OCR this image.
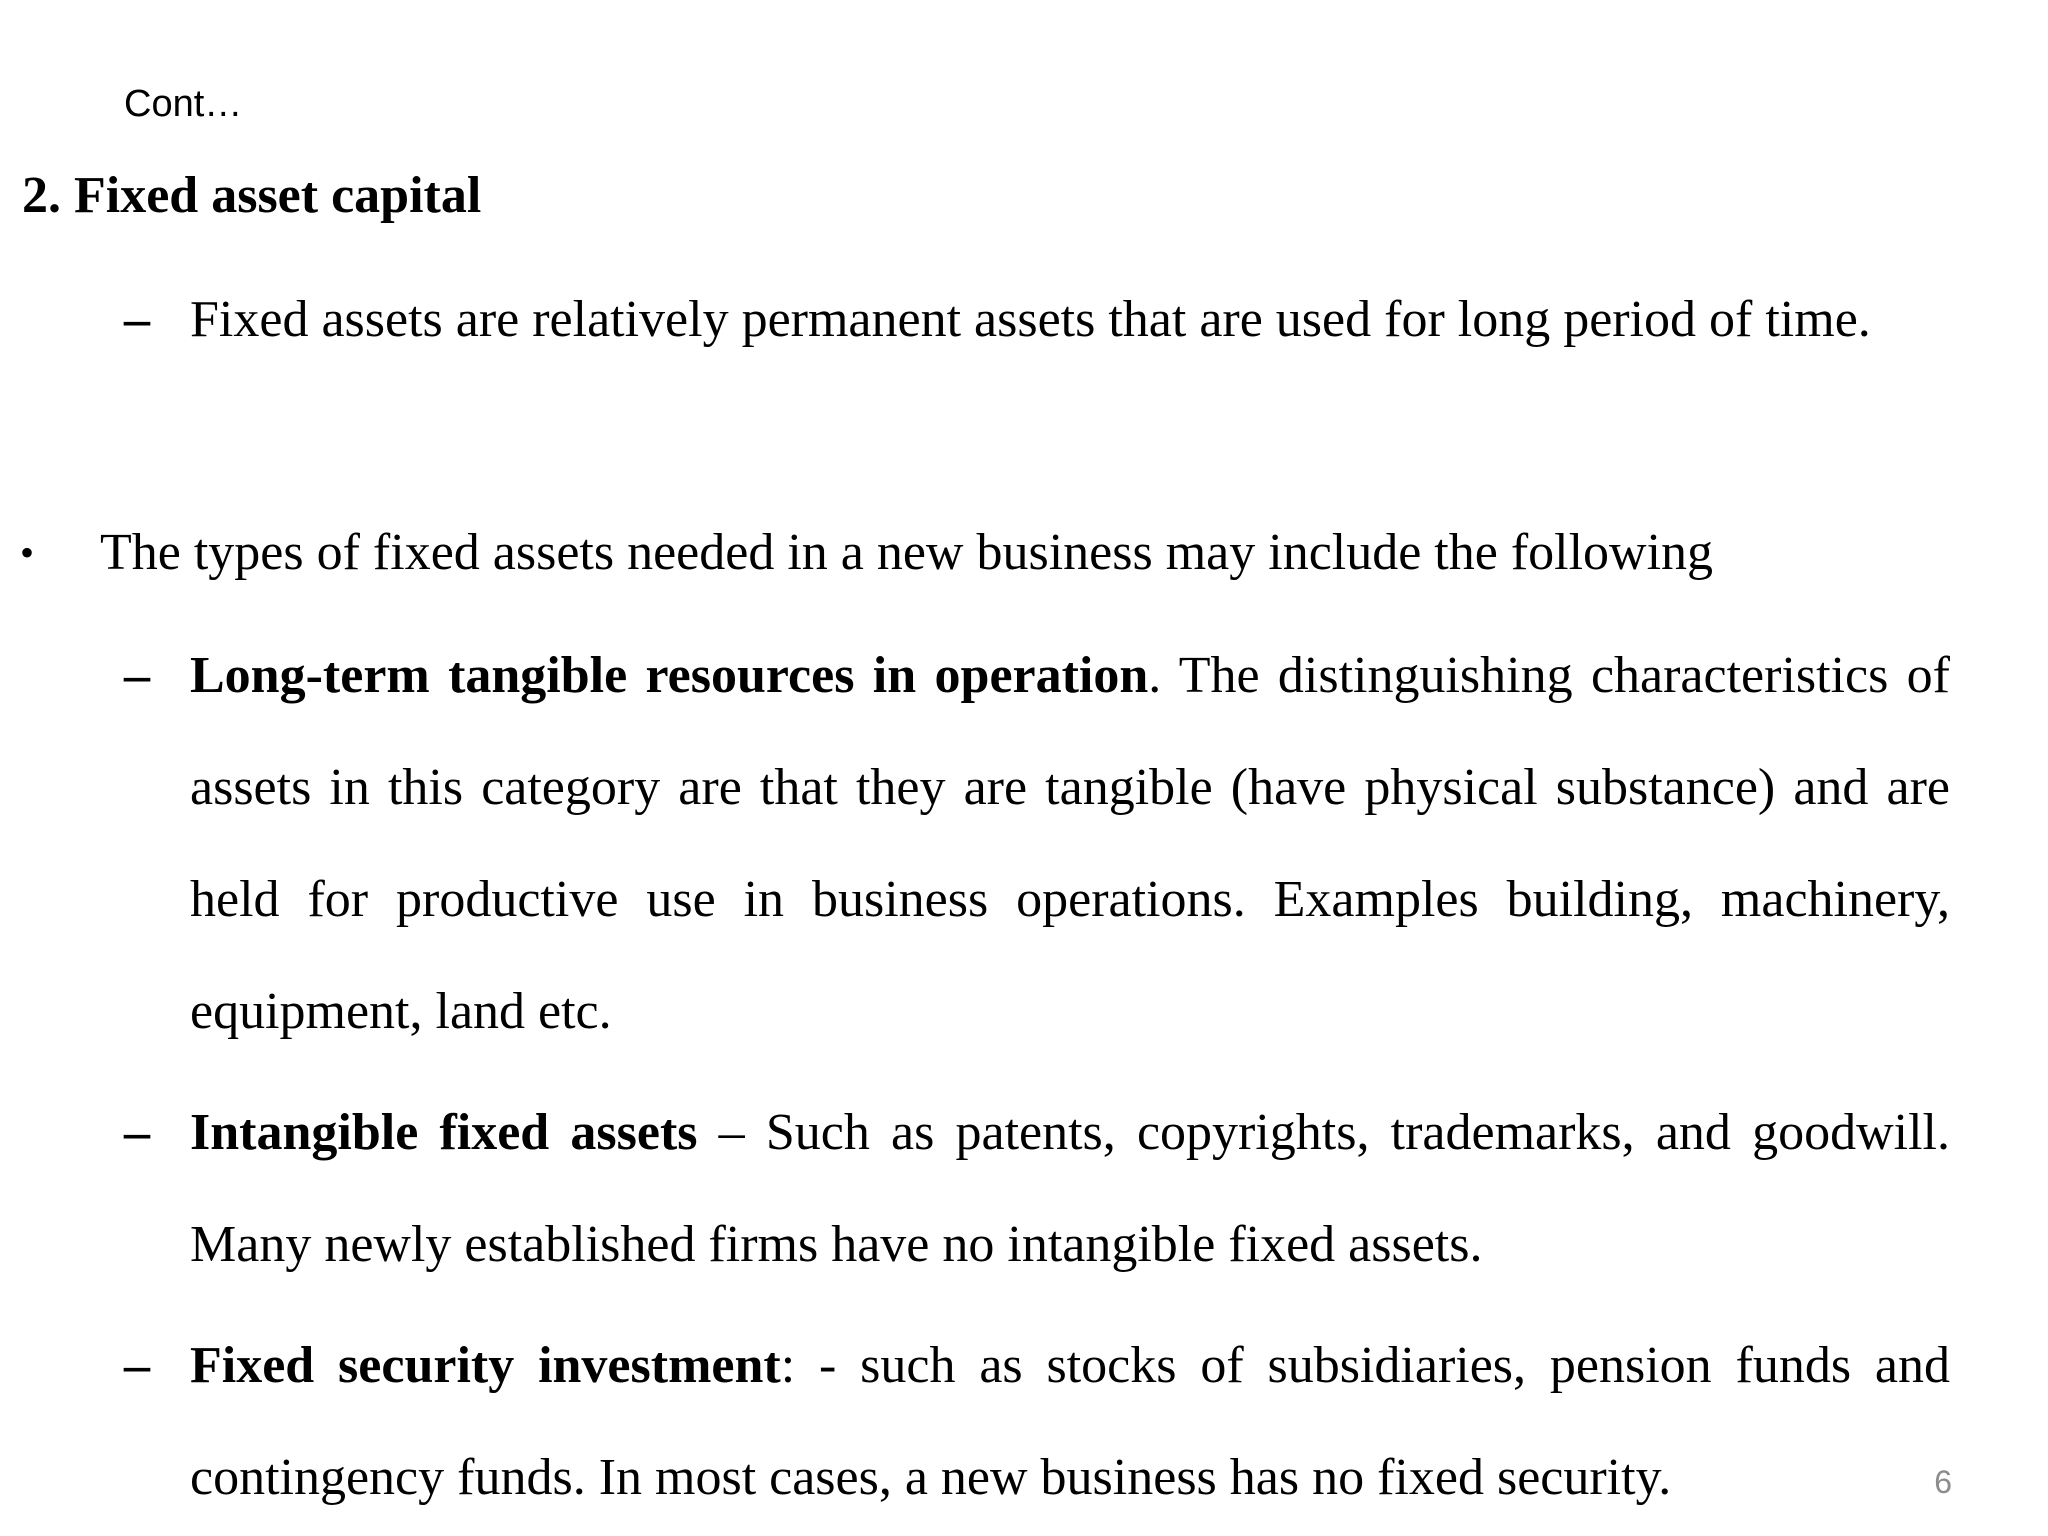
Cont…
2. Fixed asset capital
– Fixed assets are relatively permanent assets that are used for long period of time.
• The types of fixed assets needed in a new business may include the following
– Long-term tangible resources in operation. The distinguishing characteristics of assets in this category are that they are tangible (have physical substance) and are held for productive use in business operations. Examples building, machinery, equipment, land etc.
– Intangible fixed assets – Such as patents, copyrights, trademarks, and goodwill. Many newly established firms have no intangible fixed assets.
– Fixed security investment: - such as stocks of subsidiaries, pension funds and contingency funds. In most cases, a new business has no fixed security.	6
